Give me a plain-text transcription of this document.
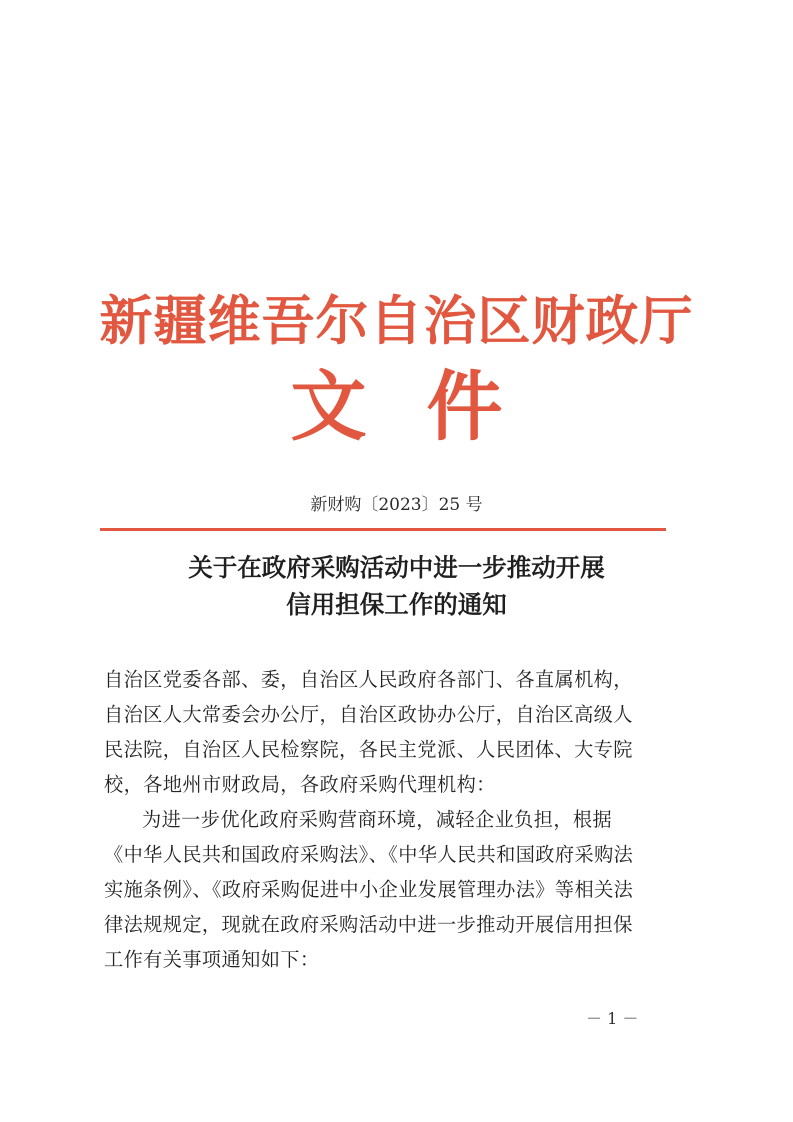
新疆维吾尔自治区财政厅
文件
新财购〔2023〕25 号
关于在政府采购活动中进一步推动开展
信用担保工作的通知
自治区党委各部、委，自治区人民政府各部门、各直属机构，
自治区人大常委会办公厅，自治区政协办公厅，自治区高级人
民法院，自治区人民检察院，各民主党派、人民团体、大专院
校，各地州市财政局，各政府采购代理机构：
为进一步优化政府采购营商环境，减轻企业负担，根据
《中华人民共和国政府采购法》、《中华人民共和国政府采购法
实施条例》、《政府采购促进中小企业发展管理办法》等相关法
律法规规定，现就在政府采购活动中进一步推动开展信用担保
工作有关事项通知如下：
－ 1 －
